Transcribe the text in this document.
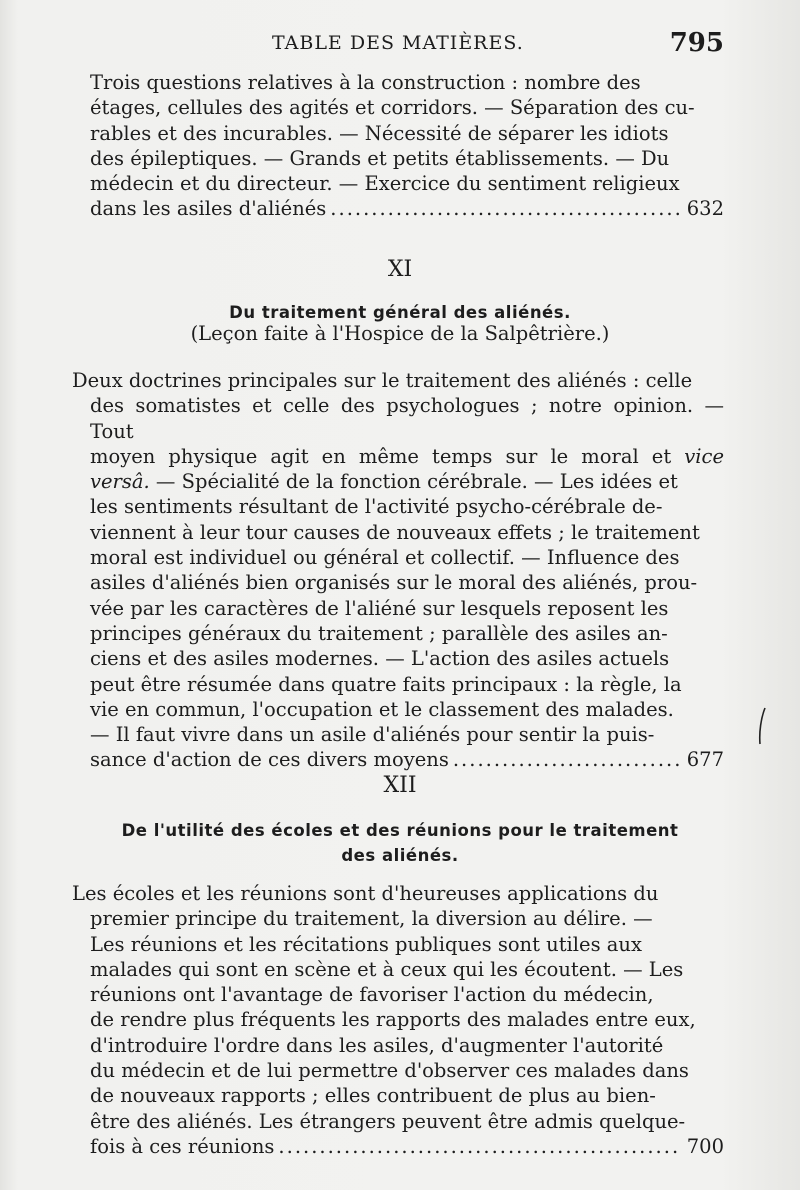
TABLE DES MATIÈRES.	795
Trois questions relatives à la construction : nombre des
étages, cellules des agités et corridors. — Séparation des cu-
rables et des incurables. — Nécessité de séparer les idiots
des épileptiques. — Grands et petits établissements. — Du
médecin et du directeur. — Exercice du sentiment religieux
dans les asiles d'aliénés .....	632
XI
Du traitement général des aliénés.
(Leçon faite à l'Hospice de la Salpêtrière.)
Deux doctrines principales sur le traitement des aliénés : celle
des somatistes et celle des psychologues ; notre opinion. — Tout
moyen physique agit en même temps sur le moral et vice
versâ. — Spécialité de la fonction cérébrale. — Les idées et
les sentiments résultant de l'activité psycho-cérébrale de-
viennent à leur tour causes de nouveaux effets ; le traitement
moral est individuel ou général et collectif. — Influence des
asiles d'aliénés bien organisés sur le moral des aliénés, prou-
vée par les caractères de l'aliéné sur lesquels reposent les
principes généraux du traitement ; parallèle des asiles an-
ciens et des asiles modernes. — L'action des asiles actuels
peut être résumée dans quatre faits principaux : la règle, la
vie en commun, l'occupation et le classement des malades.
— Il faut vivre dans un asile d'aliénés pour sentir la puis-
sance d'action de ces divers moyens .....	677
XII
De l'utilité des écoles et des réunions pour le traitement
des aliénés.
Les écoles et les réunions sont d'heureuses applications du
premier principe du traitement, la diversion au délire. —
Les réunions et les récitations publiques sont utiles aux
malades qui sont en scène et à ceux qui les écoutent. — Les
réunions ont l'avantage de favoriser l'action du médecin,
de rendre plus fréquents les rapports des malades entre eux,
d'introduire l'ordre dans les asiles, d'augmenter l'autorité
du médecin et de lui permettre d'observer ces malades dans
de nouveaux rapports ; elles contribuent de plus au bien-
être des aliénés. Les étrangers peuvent être admis quelque-
fois à ces réunions .....	700
